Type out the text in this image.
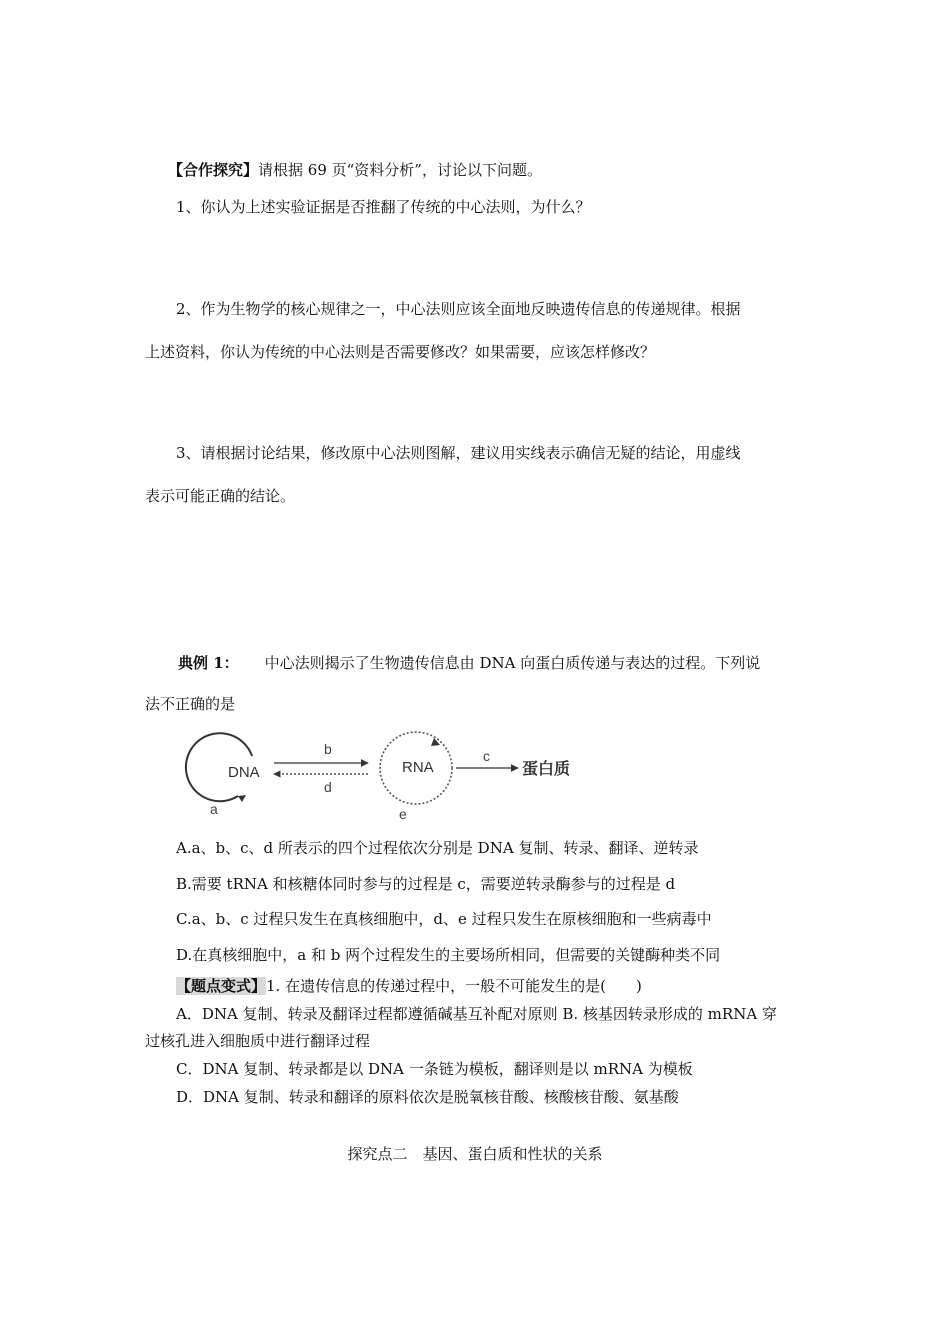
【合作探究】请根据 69 页“资料分析”，讨论以下问题。
1、你认为上述实验证据是否推翻了传统的中心法则，为什么？
2、作为生物学的核心规律之一，中心法则应该全面地反映遗传信息的传递规律。根据
上述资料，你认为传统的中心法则是否需要修改？如果需要，应该怎样修改？
3、请根据讨论结果，修改原中心法则图解，建议用实线表示确信无疑的结论，用虚线
表示可能正确的结论。
典例 1： 中心法则揭示了生物遗传信息由 DNA 向蛋白质传递与表达的过程。下列说
法不正确的是
DNA
a
b
d
RNA
e
c
蛋白质
A.a、b、c、d 所表示的四个过程依次分别是 DNA 复制、转录、翻译、逆转录
B.需要 tRNA 和核糖体同时参与的过程是 c，需要逆转录酶参与的过程是 d
C.a、b、c 过程只发生在真核细胞中，d、e 过程只发生在原核细胞和一些病毒中
D.在真核细胞中，a 和 b 两个过程发生的主要场所相同，但需要的关键酶种类不同
【题点变式】1. 在遗传信息的传递过程中，一般不可能发生的是(　　)
A．DNA 复制、转录及翻译过程都遵循碱基互补配对原则 B. 核基因转录形成的 mRNA 穿
过核孔进入细胞质中进行翻译过程
C．DNA 复制、转录都是以 DNA 一条链为模板，翻译则是以 mRNA 为模板
D．DNA 复制、转录和翻译的原料依次是脱氧核苷酸、核酸核苷酸、氨基酸
探究点二　基因、蛋白质和性状的关系
